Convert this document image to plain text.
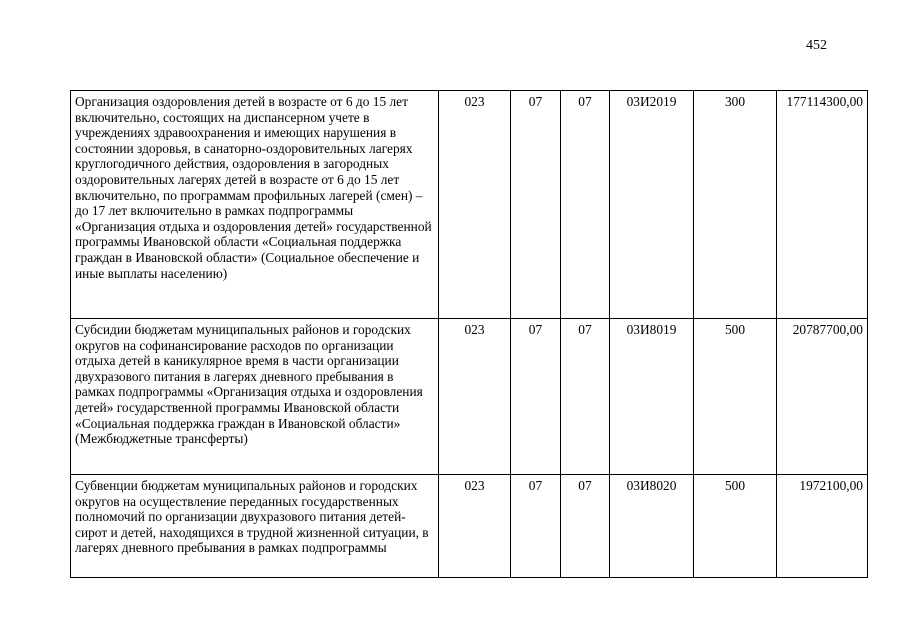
452
Организация оздоровления детей в возрасте от 6 до 15 лет включительно, состоящих на диспансерном учете в учреждениях здравоохранения и имеющих нарушения в состоянии здоровья, в санаторно-оздоровительных лагерях круглогодичного действия, оздоровления в загородных оздоровительных лагерях детей в возрасте от 6 до 15 лет включительно, по программам профильных лагерей (смен) – до 17 лет включительно в рамках подпрограммы «Организация отдыха и оздоровления детей» государственной программы Ивановской области «Социальная поддержка граждан в Ивановской области» (Социальное обеспечение и иные выплаты населению)	023	07	07	03И2019	300	177114300,00
Субсидии бюджетам муниципальных районов и городских округов на софинансирование расходов по организации отдыха детей в каникулярное время в части организации двухразового питания в лагерях дневного пребывания в рамках подпрограммы «Организация отдыха и оздоровления детей» государственной программы Ивановской области «Социальная поддержка граждан в Ивановской области» (Межбюджетные трансферты)	023	07	07	03И8019	500	20787700,00
Субвенции бюджетам муниципальных районов и городских округов на осуществление переданных государственных полномочий по организации двухразового питания детей-сирот и детей, находящихся в трудной жизненной ситуации, в лагерях дневного пребывания в рамках подпрограммы	023	07	07	03И8020	500	1972100,00
